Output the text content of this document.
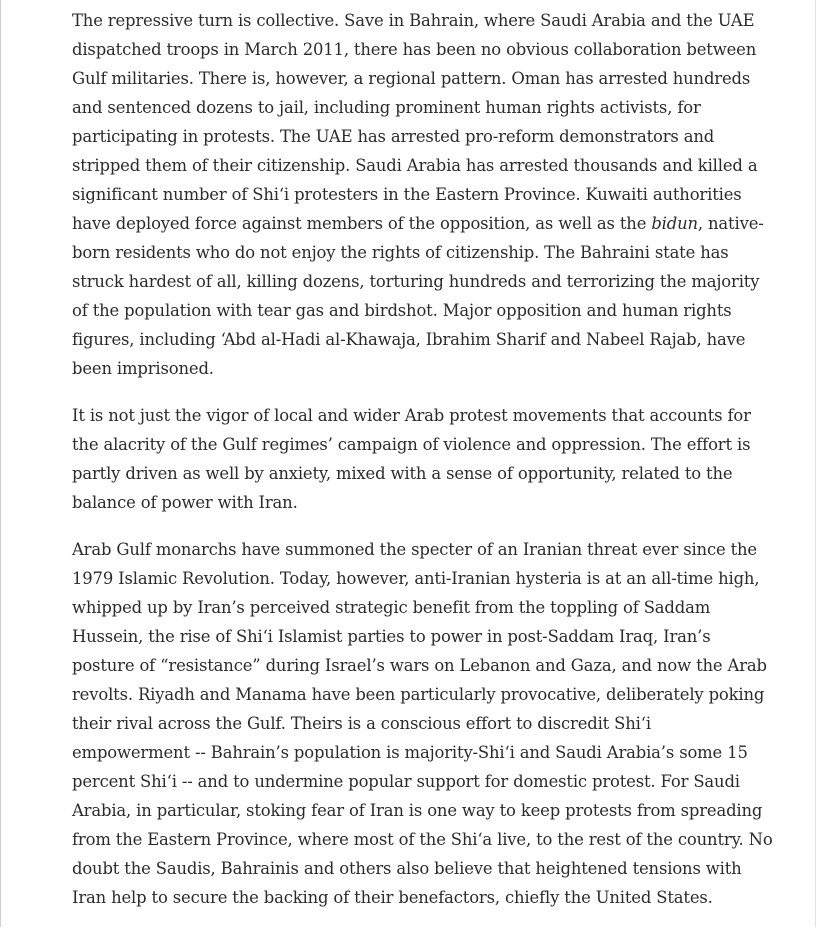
The repressive turn is collective. Save in Bahrain, where Saudi Arabia and the UAE
dispatched troops in March 2011, there has been no obvious collaboration between
Gulf militaries. There is, however, a regional pattern. Oman has arrested hundreds
and sentenced dozens to jail, including prominent human rights activists, for
participating in protests. The UAE has arrested pro-reform demonstrators and
stripped them of their citizenship. Saudi Arabia has arrested thousands and killed a
significant number of Shi‘i protesters in the Eastern Province. Kuwaiti authorities
have deployed force against members of the opposition, as well as the bidun, native-
born residents who do not enjoy the rights of citizenship. The Bahraini state has
struck hardest of all, killing dozens, torturing hundreds and terrorizing the majority
of the population with tear gas and birdshot. Major opposition and human rights
figures, including ‘Abd al-Hadi al-Khawaja, Ibrahim Sharif and Nabeel Rajab, have
been imprisoned.

It is not just the vigor of local and wider Arab protest movements that accounts for
the alacrity of the Gulf regimes’ campaign of violence and oppression. The effort is
partly driven as well by anxiety, mixed with a sense of opportunity, related to the
balance of power with Iran.

Arab Gulf monarchs have summoned the specter of an Iranian threat ever since the
1979 Islamic Revolution. Today, however, anti-Iranian hysteria is at an all-time high,
whipped up by Iran’s perceived strategic benefit from the toppling of Saddam
Hussein, the rise of Shi‘i Islamist parties to power in post-Saddam Iraq, Iran’s
posture of “resistance” during Israel’s wars on Lebanon and Gaza, and now the Arab
revolts. Riyadh and Manama have been particularly provocative, deliberately poking
their rival across the Gulf. Theirs is a conscious effort to discredit Shi‘i
empowerment -- Bahrain’s population is majority-Shi‘i and Saudi Arabia’s some 15
percent Shi‘i -- and to undermine popular support for domestic protest. For Saudi
Arabia, in particular, stoking fear of Iran is one way to keep protests from spreading
from the Eastern Province, where most of the Shi‘a live, to the rest of the country. No
doubt the Saudis, Bahrainis and others also believe that heightened tensions with
Iran help to secure the backing of their benefactors, chiefly the United States.
